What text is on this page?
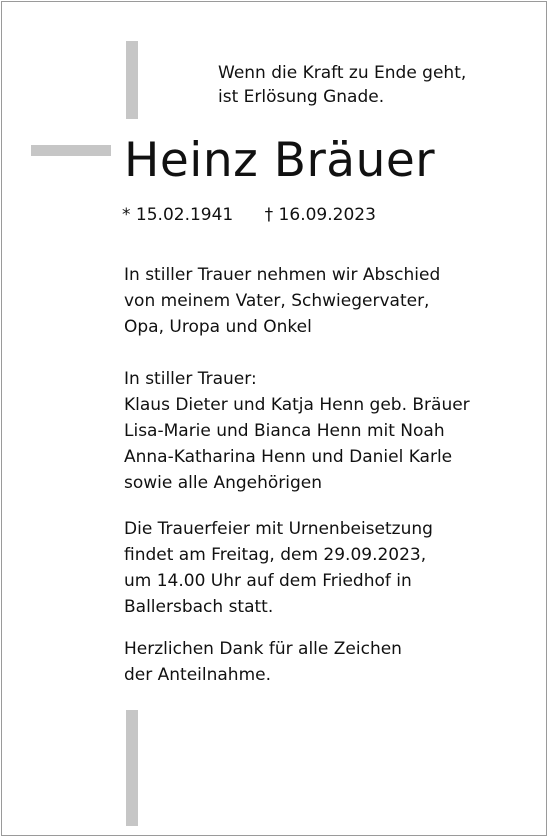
Wenn die Kraft zu Ende geht,
ist Erlösung Gnade.
Heinz Bräuer
* 15.02.1941 † 16.09.2023
In stiller Trauer nehmen wir Abschied
von meinem Vater, Schwiegervater,
Opa, Uropa und Onkel
In stiller Trauer:
Klaus Dieter und Katja Henn geb. Bräuer
Lisa-Marie und Bianca Henn mit Noah
Anna-Katharina Henn und Daniel Karle
sowie alle Angehörigen
Die Trauerfeier mit Urnenbeisetzung
findet am Freitag, dem 29.09.2023,
um 14.00 Uhr auf dem Friedhof in
Ballersbach statt.
Herzlichen Dank für alle Zeichen
der Anteilnahme.
